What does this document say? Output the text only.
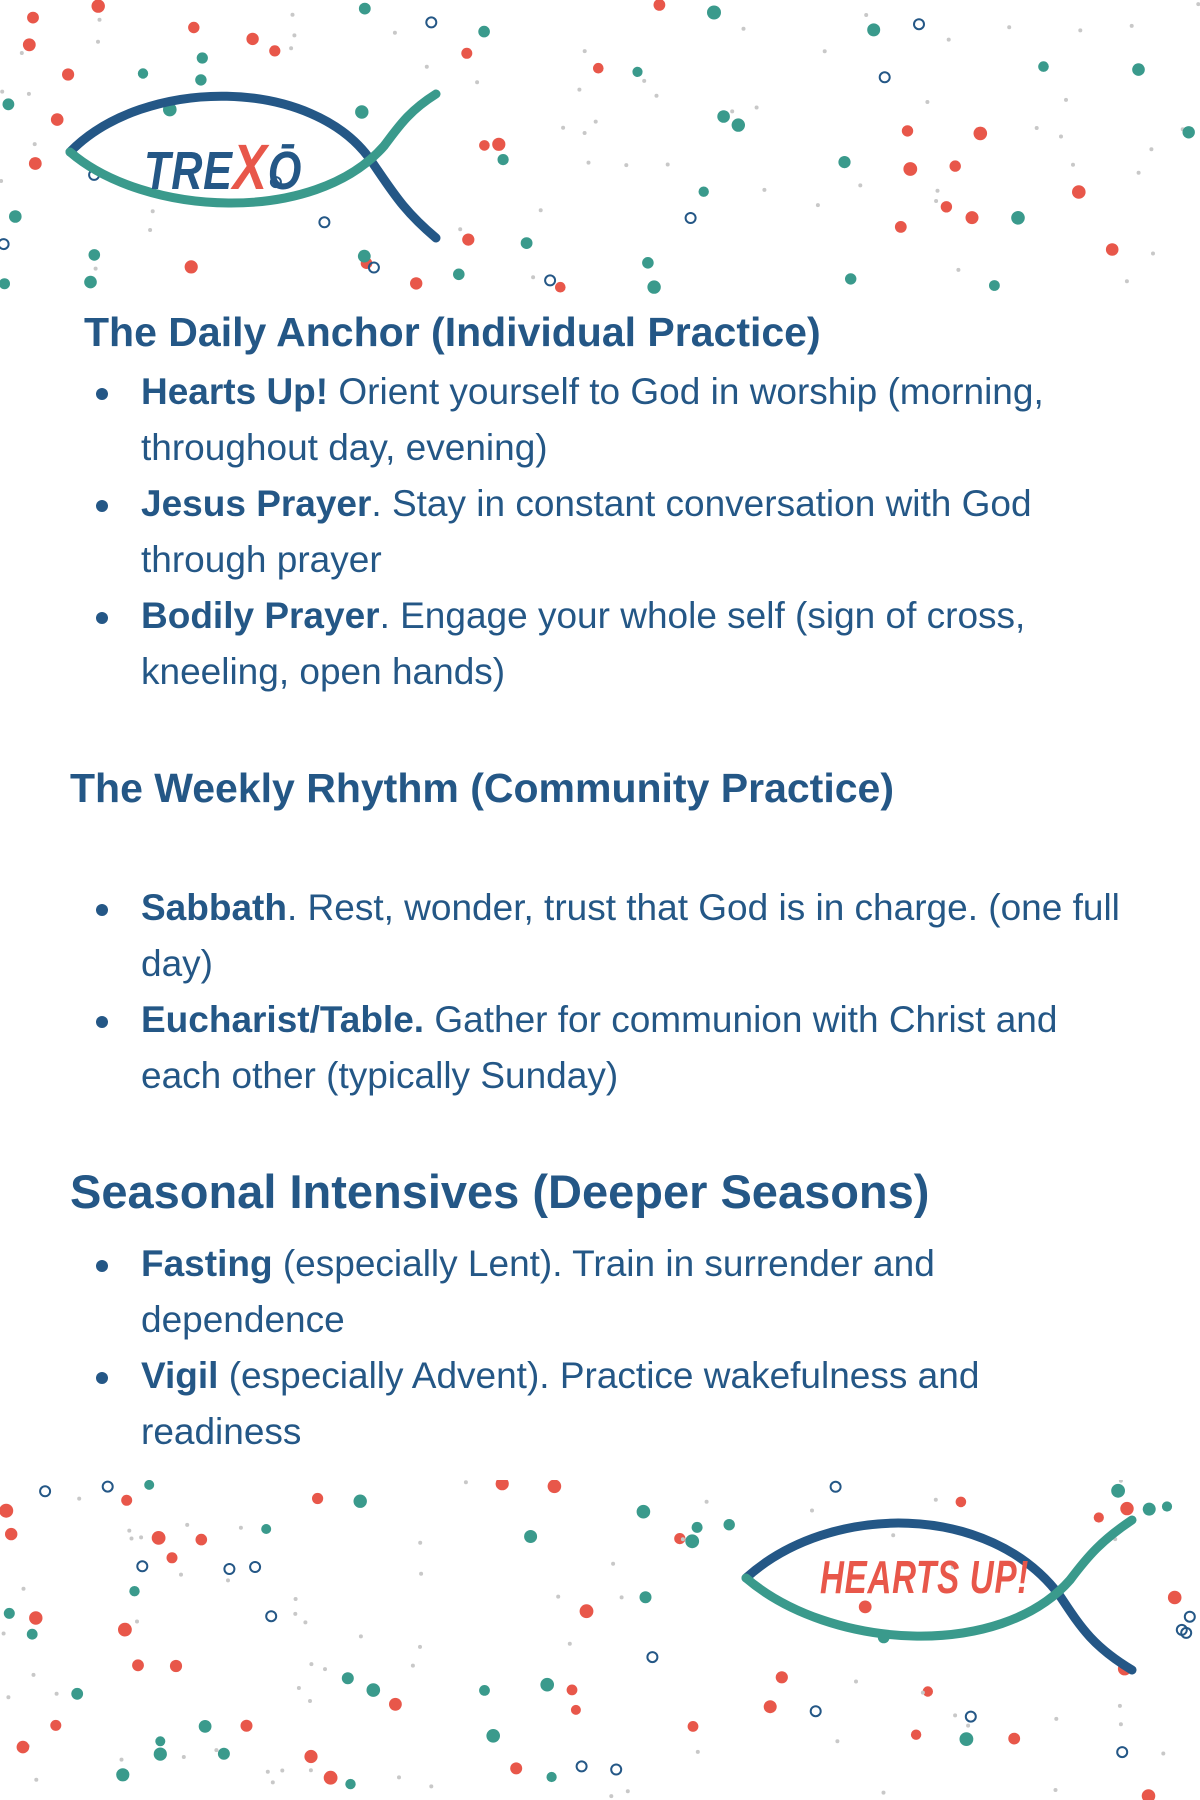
TREXŌ
HEARTS UP!
The Daily Anchor (Individual Practice)
Hearts Up! Orient yourself to God in worship (morning, throughout day, evening)
Jesus Prayer. Stay in constant conversation with God through prayer
Bodily Prayer. Engage your whole self (sign of cross, kneeling, open hands)
The Weekly Rhythm (Community Practice)
Sabbath. Rest, wonder, trust that God is in charge. (one full day)
Eucharist/Table. Gather for communion with Christ and each other (typically Sunday)
Seasonal Intensives (Deeper Seasons)
Fasting (especially Lent). Train in surrender and dependence
Vigil (especially Advent). Practice wakefulness and readiness
